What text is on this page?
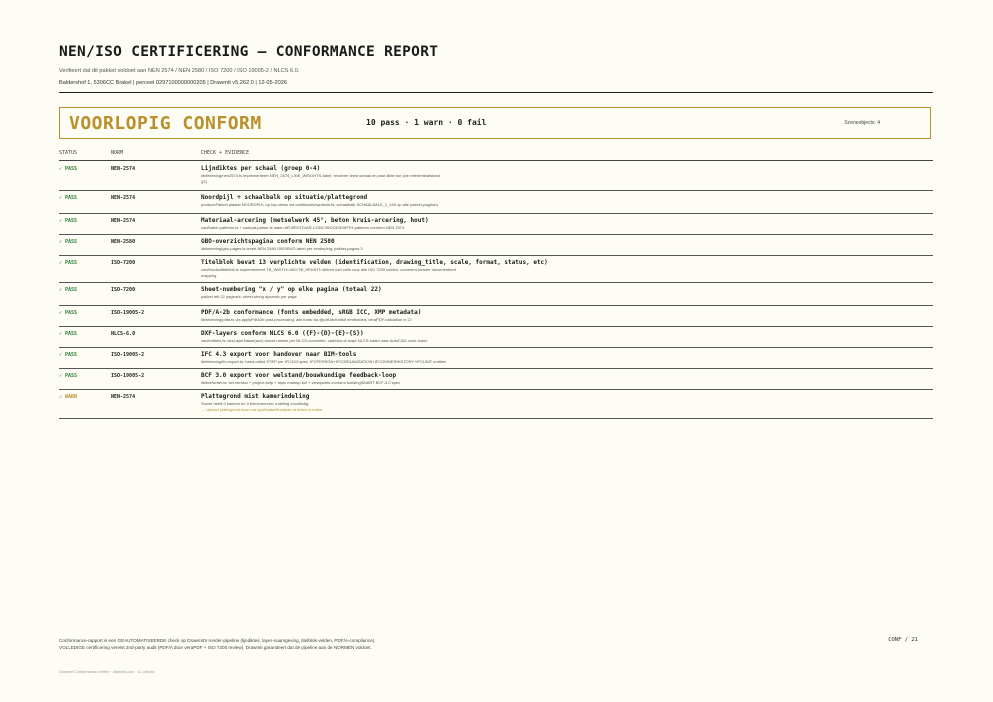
NEN/ISO CERTIFICERING — CONFORMANCE REPORT
Verifieert dat dit pakket voldoet aan NEN 2574 / NEN 2580 / ISO 7200 / ISO 19005-2 / NLCS 6.0.
Baldershof 1, 5306CC Brakel | perceel 0297100000000205 | Drawmit v5.262.0 | 12-05-2026
VOORLOPIG CONFORM	10 pass · 1 warn · 0 fail	Sceneobjects: 4
STATUS	NORM	CHECK + EVIDENCE
✓ PASS	NEN-2574	Lijndiktes per schaal (groep 0-4)
lib/tekening/nen2574.ts implementeert NEN_2574_LINE_WEIGHTS-tabel; renderer leest schaal en past dikte toe (zie referentieafstand
§3)
✓ PASS	NEN-2574	Noordpijl + schaalbalk op situatie/plattegrond
producePakket plaatst NOORDPIJL op top-views via cad/blocks/symbols.ts; schaalbalk SCHAALBALK_1_100 op alle pakket-pagina's
✓ PASS	NEN-2574	Materiaal-arcering (metselwerk 45°, beton kruis-arcering, hout)
cad/hatch-patterns.ts + cad/pat-parser.ts laden AR-BRSTD/AR-CONC/WOOD/EARTH-patterns conform NEN 2574
✓ PASS	NEN-2580	GBO-overzichtspagina conform NEN 2580
lib/tekening/gbo-pages.ts levert NEN 2580 GBO/BVO-tabel per verdieping; pakket-pagina 3
✓ PASS	ISO-7200	Titelblok bevat 13 verplichte velden (identification, drawing_title, scale, format, status, etc)
cad/blocks/titelblok.ts implementeert TB_WIDTH=180×TB_HEIGHT=60mm met cells voor alle ISO 7200 velden; comment-header documenteert
mapping
✓ PASS	ISO-7200	Sheet-numbering "x / y" op elke pagina (totaal 22)
pakket telt 22 pagina's; sheet-string dynamic per page
✓ PASS	ISO-19005-2	PDF/A-2b conformance (fonts embedded, sRGB ICC, XMP metadata)
lib/tekening/pdfa.ts via applyPdfA2b post-processing; alle fonts via @pdf-lib/fontkit embedded; veraPDF-validation in CI
✓ PASS	NLCS-6.0	DXF-layers conform NLCS 6.0 ({F}-{D}-{E}-{S})
cad/entities.ts nlcsLayerName(aux) bouwt names per NLCS-conventie; cad/nlcs.ts mapt NLCS-naam naar AutoCAD-color-index
✓ PASS	ISO-19005-2	IFC 4.3 export voor handover naar BIM-tools
lib/tekening/ifc-export.ts: hand-rolled STEP per IFC4X3 spec, IFCPERSON+IFCORGANIZATION+IFCOWNERHISTORY+IFCUNIT entities
✓ PASS	ISO-19005-2	BCF 3.0 export voor welstand/bouwkundige feedback-loop
lib/bcf/writer.ts: bcf.version + project.bcfp + topic markup.bcf + viewpoints conform buildingSMART BCF-3.0 spec
⚠ WARN	NEN-2574	Plattegrond mist kamerindeling
Scene heeft 0 kamers en 0 binnenmuren; indeling onvolledig.
→ Upload plattegrond-scan via /api/intake/floorplan of teken in editor
Conformance-rapport is een GEAUTOMATISEERDE check op Drawmit's render-pipeline (lijndiktes, layer-naamgeving, titelblok-velden, PDF/A-compliance).
VOLLEDIGE certificering vereist 2nd-party audit (PDF/A door veraPDF + ISO 7200 review). Drawmit garandeert dat de pipeline aan de NORMEN voldoet.
CONF / 21
Drawmit Conformance-verifier · drawmit.com · 11 checks
